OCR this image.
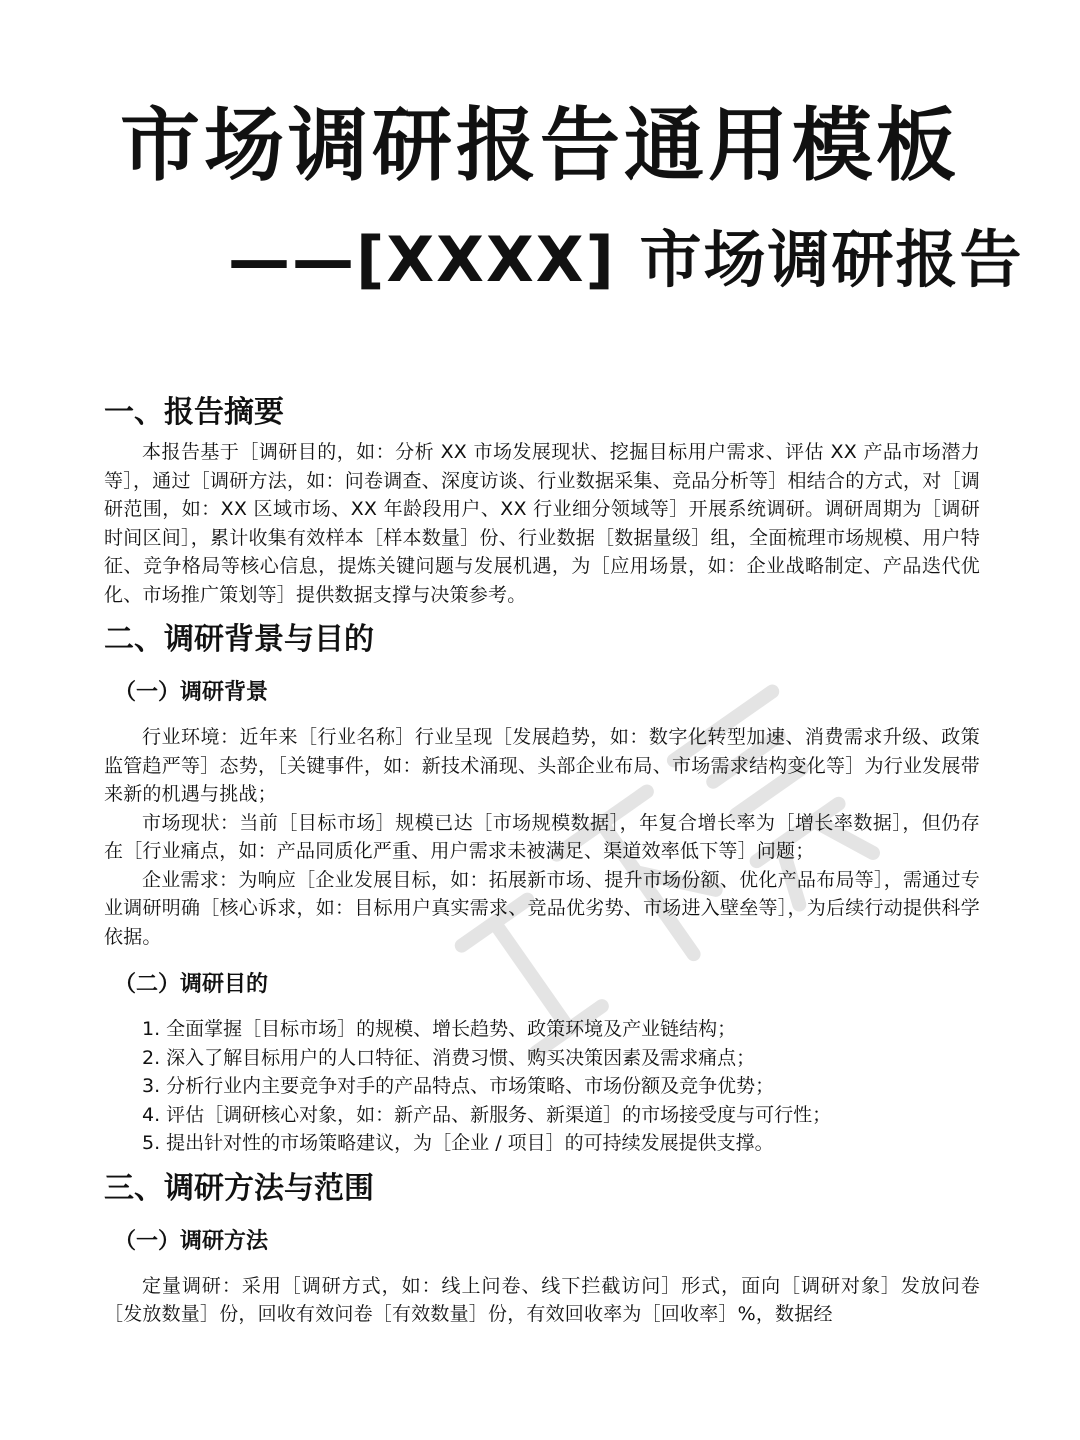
市场调研报告通用模板
——[XXXX] 市场调研报告
一、报告摘要

本报告基于［调研目的，如：分析 XX 市场发展现状、挖掘目标用户需求、评估 XX 产品市场潜力等］，通过［调研方法，如：问卷调查、深度访谈、行业数据采集、竞品分析等］相结合的方式，对［调研范围，如：XX 区域市场、XX 年龄段用户、XX 行业细分领域等］开展系统调研。调研周期为［调研时间区间］，累计收集有效样本［样本数量］份、行业数据［数据量级］组，全面梳理市场规模、用户特征、竞争格局等核心信息，提炼关键问题与发展机遇，为［应用场景，如：企业战略制定、产品迭代优化、市场推广策划等］提供数据支撑与决策参考。

二、调研背景与目的
（一）调研背景

行业环境：近年来［行业名称］行业呈现［发展趋势，如：数字化转型加速、消费需求升级、政策监管趋严等］态势，［关键事件，如：新技术涌现、头部企业布局、市场需求结构变化等］为行业发展带来新的机遇与挑战；

市场现状：当前［目标市场］规模已达［市场规模数据］，年复合增长率为［增长率数据］，但仍存在［行业痛点，如：产品同质化严重、用户需求未被满足、渠道效率低下等］问题；

企业需求：为响应［企业发展目标，如：拓展新市场、提升市场份额、优化产品布局等］，需通过专业调研明确［核心诉求，如：目标用户真实需求、竞品优劣势、市场进入壁垒等］，为后续行动提供科学依据。

（二）调研目的
1. 全面掌握［目标市场］的规模、增长趋势、政策环境及产业链结构；
2. 深入了解目标用户的人口特征、消费习惯、购买决策因素及需求痛点；
3. 分析行业内主要竞争对手的产品特点、市场策略、市场份额及竞争优势；
4. 评估［调研核心对象，如：新产品、新服务、新渠道］的市场接受度与可行性；
5. 提出针对性的市场策略建议，为［企业 / 项目］的可持续发展提供支撑。
三、调研方法与范围
（一）调研方法

定量调研：采用［调研方式，如：线上问卷、线下拦截访问］形式，面向［调研对象］发放问卷［发放数量］份，回收有效问卷［有效数量］份，有效回收率为［回收率］%，数据经
